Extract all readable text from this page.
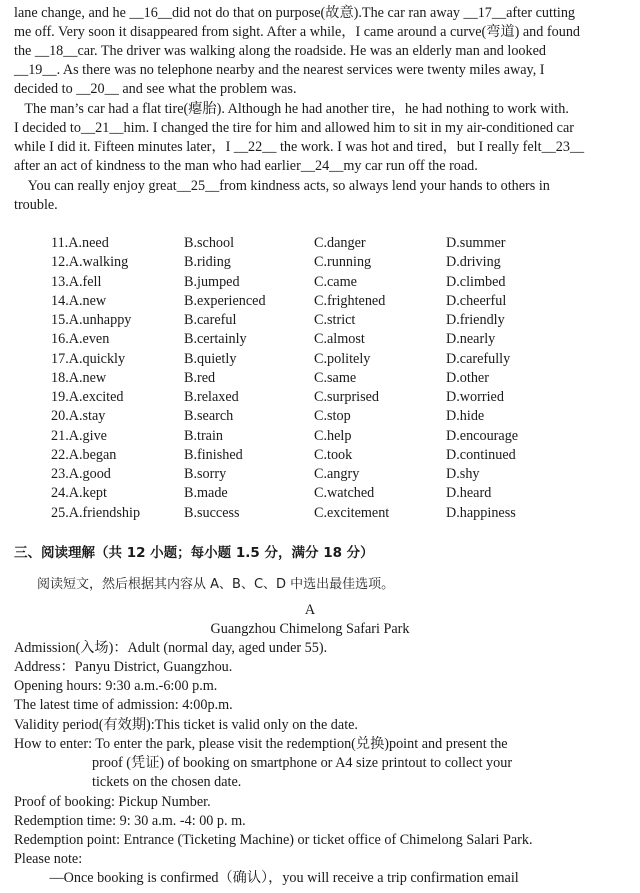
lane change, and he __16__did not do that on purpose(故意).The car ran away __17__after cutting
me off. Very soon it disappeared from sight. After a while，I came around a curve(弯道) and found
the __18__car. The driver was walking along the roadside. He was an elderly man and looked
__19__. As there was no telephone nearby and the nearest services were twenty miles away, I
decided to __20__ and see what the problem was.
The man’s car had a flat tire(瘪胎). Although he had another tire，he had nothing to work with.
I decided to__21__him. I changed the tire for him and allowed him to sit in my air-conditioned car
while I did it. Fifteen minutes later，I __22__ the work. I was hot and tired，but I really felt__23__
after an act of kindness to the man who had earlier__24__my car run off the road.
You can really enjoy great__25__from kindness acts, so always lend your hands to others in
trouble.
11.A.need	B.school	C.danger	D.summer
12.A.walking	B.riding	C.running	D.driving
13.A.fell	B.jumped	C.came	D.climbed
14.A.new	B.experienced	C.frightened	D.cheerful
15.A.unhappy	B.careful	C.strict	D.friendly
16.A.even	B.certainly	C.almost	D.nearly
17.A.quickly	B.quietly	C.politely	D.carefully
18.A.new	B.red	C.same	D.other
19.A.excited	B.relaxed	C.surprised	D.worried
20.A.stay	B.search	C.stop	D.hide
21.A.give	B.train	C.help	D.encourage
22.A.began	B.finished	C.took	D.continued
23.A.good	B.sorry	C.angry	D.shy
24.A.kept	B.made	C.watched	D.heard
25.A.friendship	B.success	C.excitement	D.happiness
三、阅读理解（共 12 小题；每小题 1.5 分，满分 18 分）
阅读短文，然后根据其内容从 A、B、C、D 中选出最佳选项。
A
Guangzhou Chimelong Safari Park
Admission(入场)：Adult (normal day, aged under 55).
Address：Panyu District, Guangzhou.
Opening hours: 9:30 a.m.-6:00 p.m.
The latest time of admission: 4:00p.m.
Validity period(有效期):This ticket is valid only on the date.
How to enter: To enter the park, please visit the redemption(兑换)point and present the
proof (凭证) of booking on smartphone or A4 size printout to collect your
tickets on the chosen date.
Proof of booking: Pickup Number.
Redemption time: 9: 30 a.m. -4: 00 p. m.
Redemption point: Entrance (Ticketing Machine) or ticket office of Chimelong Salari Park.
Please note:
—Once booking is confirmed（确认），you will receive a trip confirmation email
